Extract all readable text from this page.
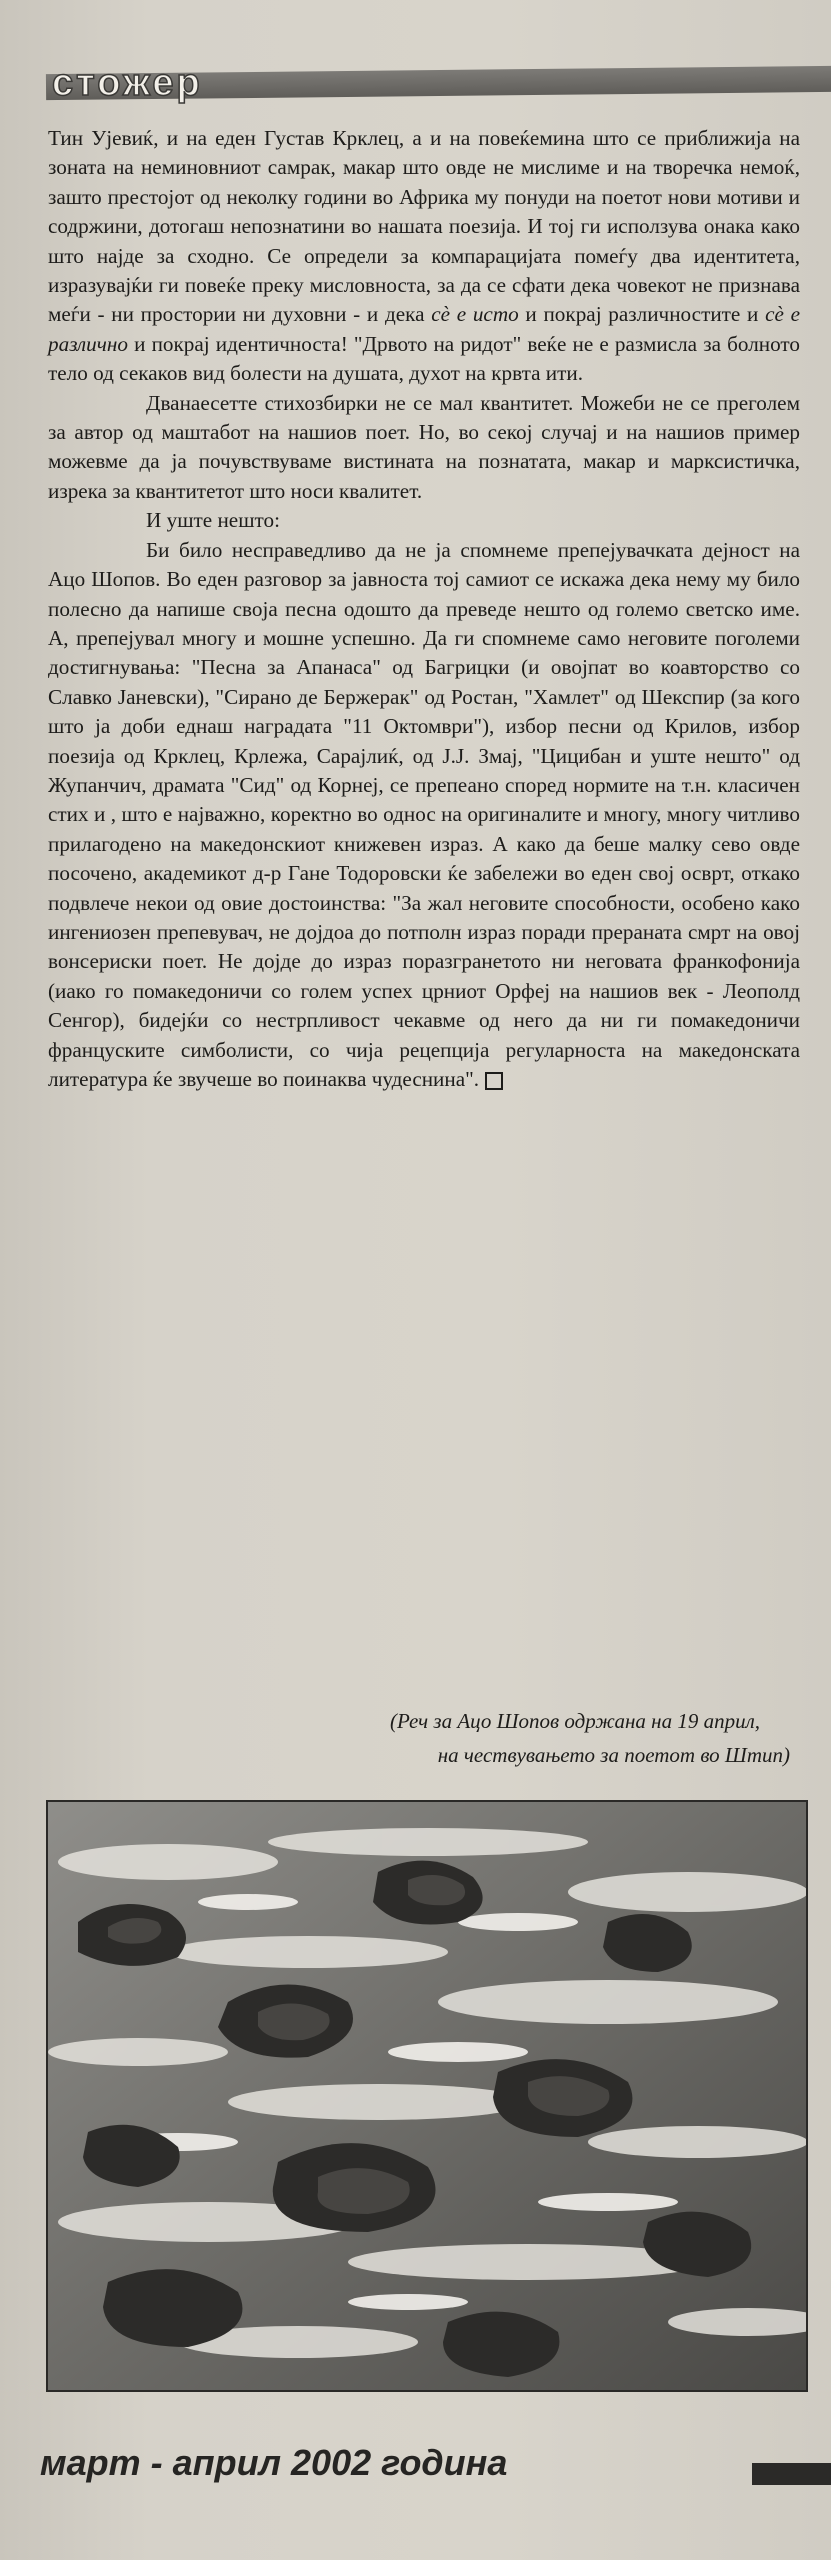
стожер

Тин Ујевиќ, и на еден Густав Крклец, а и на повеќемина што се приближија на зоната на неминовниот самрак, макар што овде не мислиме и на творечка немоќ, зашто престојот од неколку години во Африка му понуди на поетот нови мотиви и содржини, дотогаш непознатини во нашата поезија. И тој ги исползува онака како што најде за сходно. Се определи за компарацијата помеѓу два идентитета, изразувајќи ги повеќе преку мисловноста, за да се сфати дека човекот не признава меѓи - ни простории ни духовни - и дека сè е исто и покрај различностите и сè е различно и покрај идентичноста! "Дрвото на ридот" веќе не е размисла за болното тело од секаков вид болести на душата, духот на крвта ити.

Дванаесетте стихозбирки не се мал квантитет. Можеби не се преголем за автор од маштабот на нашиов поет. Но, во секој случај и на нашиов пример можевме да ја почувствуваме вистината на познатата, макар и марксистичка, изрека за квантитетот што носи квалитет.

И уште нешто:

Би било несправедливо да не ја спомнеме препејувачката дејност на Ацо Шопов. Во еден разговор за јавноста тој самиот се искажа дека нему му било полесно да напише своја песна одошто да преведе нешто од големо светско име. А, препејувал многу и мошне успешно. Да ги спомнеме само неговите поголеми достигнувања: "Песна за Апанаса" од Багрицки (и овојпат во коавторство со Славко Јаневски), "Сирано де Бержерак" од Ростан, "Хамлет" од Шекспир (за кого што ја доби еднаш наградата "11 Октомври"), избор песни од Крилов, избор поезија од Крклец, Крлежа, Сарајлиќ, од Ј.Ј. Змај, "Цицибан и уште нешто" од Жупанчич, драмата "Сид" од Корнеј, се препеано според нормите на т.н. класичен стих и , што е најважно, коректно во однос на оригиналите и многу, многу читливо прилагодено на македонскиот книжевен израз. А како да беше малку сево овде посочено, академикот д-р Гане Тодоровски ќе забележи во еден свој осврт, откако подвлече некои од овие достоинства: "За жал неговите способности, особено како ингениозен препевувач, не дојдоа до потполн израз поради прераната смрт на овој вонсериски поет. Не дојде до израз поразгранетото ни неговата франкофонија (иако го помакедоничи со голем успех црниот Орфеј на нашиов век - Леополд Сенгор), бидејќи со нестрпливост чекавме од него да ни ги помакедоничи француските симболисти, со чија рецепција регуларноста на македонската литература ќе звучеше во поинаква чудеснина".

(Реч за Ацо Шопов одржана на 19 април,
на чествувањето за поетот во Штип)
март - април 2002 година
